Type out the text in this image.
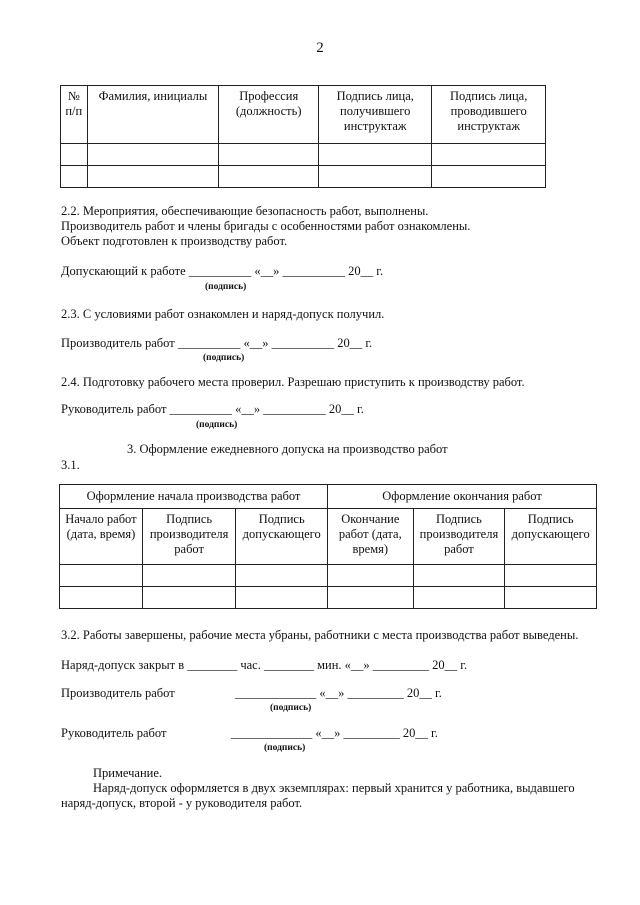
2
№ п/п	Фамилия, инициалы	Профессия (должность)	Подпись лица, получившего инструктаж	Подпись лица, проводившего инструктаж

2.2. Мероприятия, обеспечивающие безопасность работ, выполнены.
Производитель работ и члены бригады с особенностями работ ознакомлены.
Объект подготовлен к производству работ.
Допускающий к работе __________ «__» __________ 20__ г.
(подпись)
2.3. С условиями работ ознакомлен и наряд-допуск получил.
Производитель работ __________ «__» __________ 20__ г.
(подпись)
2.4. Подготовку рабочего места проверил. Разрешаю приступить к производству работ.
Руководитель работ __________ «__» __________ 20__ г.
(подпись)
3. Оформление ежедневного допуска на производство работ
3.1.
Оформление начала производства работ			Оформление окончания работ		
Начало работ (дата, время)	Подпись производителя работ	Подпись допускающего	Окончание работ (дата, время)	Подпись производителя работ	Подпись допускающего

3.2. Работы завершены, рабочие места убраны, работники с места производства работ выведены.
Наряд-допуск закрыт в ________ час. ________ мин. «__» _________ 20__ г.
Производитель работ	_____________ «__» _________ 20__ г.
(подпись)
Руководитель работ	_____________ «__» _________ 20__ г.
(подпись)
Примечание.
Наряд-допуск оформляется в двух экземплярах: первый хранится у работника, выдавшего
наряд-допуск, второй - у руководителя работ.
